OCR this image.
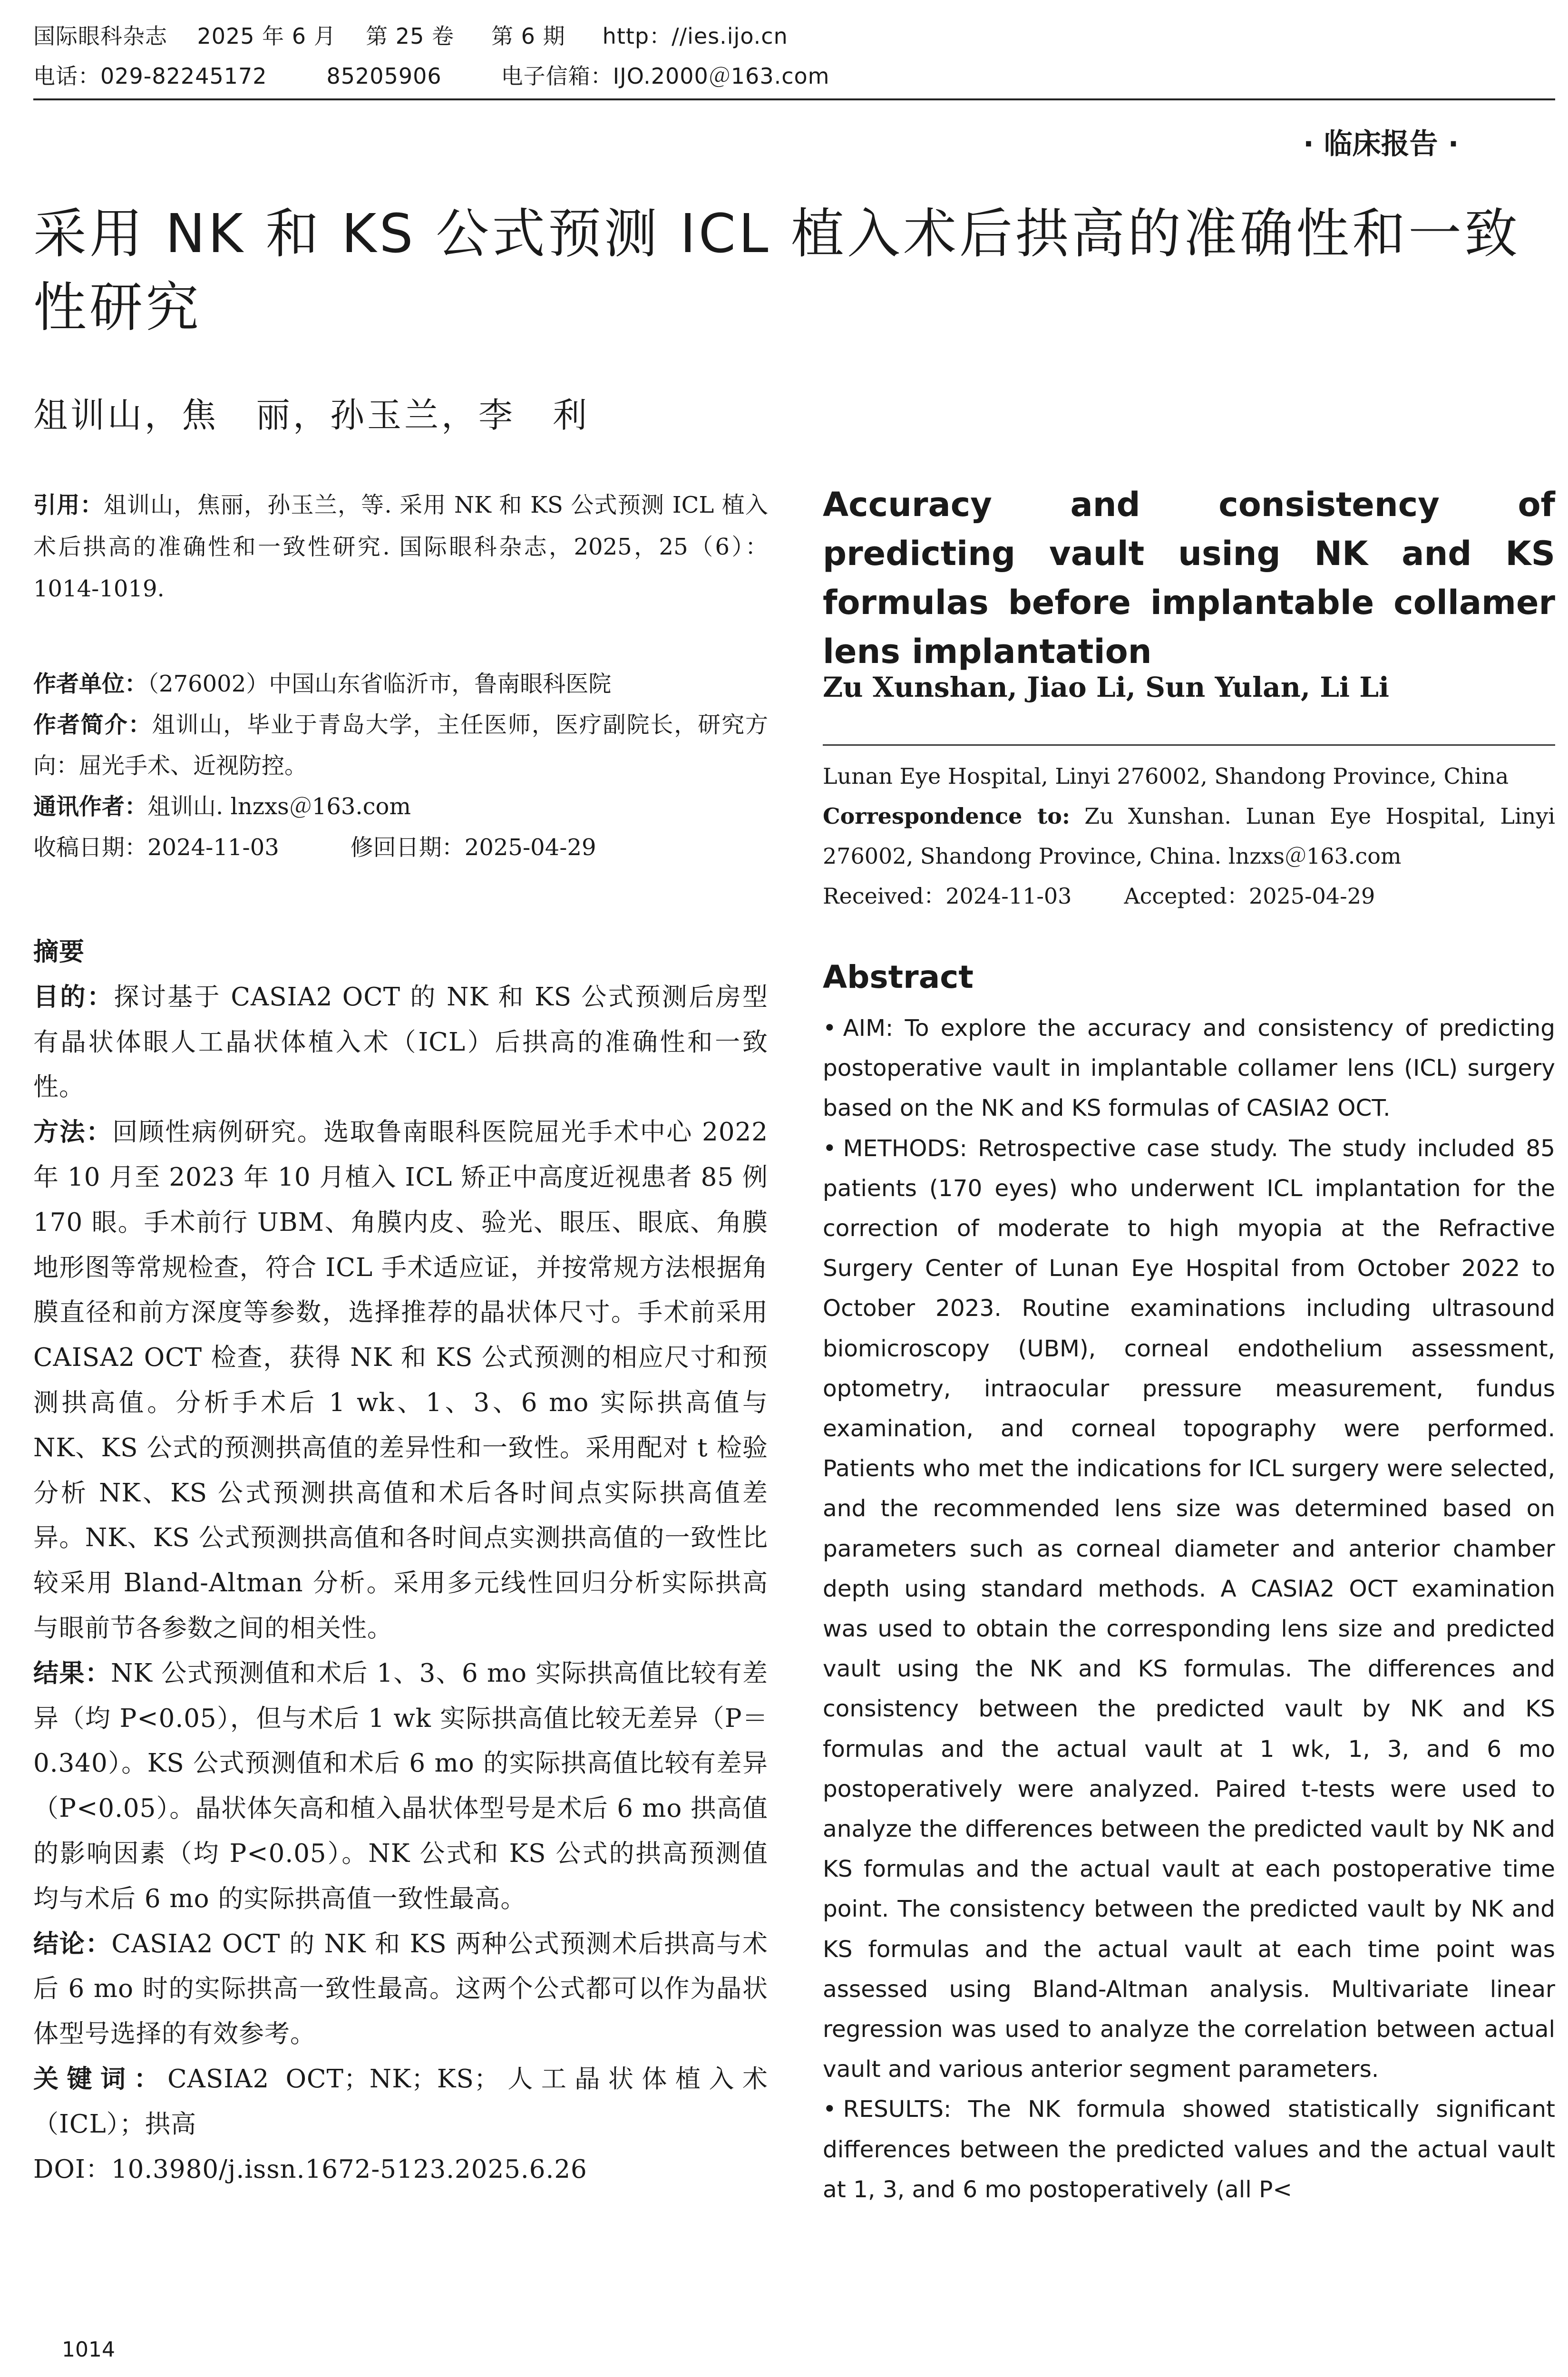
国际眼科杂志    2025 年 6 月    第 25 卷     第 6 期     http：//ies.ijo.cn
电话：029-82245172        85205906        电子信箱：IJO.2000＠163.com
· 临床报告 ·
采用 NK 和 KS 公式预测 ICL 植入术后拱高的准确性和一致性研究
俎训山，焦　丽，孙玉兰，李　利
引用：俎训山，焦丽，孙玉兰，等. 采用 NK 和 KS 公式预测 ICL 植入术后拱高的准确性和一致性研究. 国际眼科杂志，2025，25（6）：1014-1019.
作者单位：（276002）中国山东省临沂市，鲁南眼科医院
作者简介：俎训山，毕业于青岛大学，主任医师，医疗副院长，研究方向：屈光手术、近视防控。
通讯作者：俎训山. lnzxs＠163.com
收稿日期：2024-11-03	修回日期：2025-04-29

摘要

目的：探讨基于 CASIA2 OCT 的 NK 和 KS 公式预测后房型有晶状体眼人工晶状体植入术（ICL）后拱高的准确性和一致性。

方法：回顾性病例研究。选取鲁南眼科医院屈光手术中心 2022 年 10 月至 2023 年 10 月植入 ICL 矫正中高度近视患者 85 例 170 眼。手术前行 UBM、角膜内皮、验光、眼压、眼底、角膜地形图等常规检查，符合 ICL 手术适应证，并按常规方法根据角膜直径和前方深度等参数，选择推荐的晶状体尺寸。手术前采用 CAISA2 OCT 检查，获得 NK 和 KS 公式预测的相应尺寸和预测拱高值。分析手术后 1 wk、1、3、6 mo 实际拱高值与 NK、KS 公式的预测拱高值的差异性和一致性。采用配对 t 检验分析 NK、KS 公式预测拱高值和术后各时间点实际拱高值差异。NK、KS 公式预测拱高值和各时间点实测拱高值的一致性比较采用 Bland-Altman 分析。采用多元线性回归分析实际拱高与眼前节各参数之间的相关性。

结果：NK 公式预测值和术后 1、3、6 mo 实际拱高值比较有差异（均 P<0.05），但与术后 1 wk 实际拱高值比较无差异（P＝0.340）。KS 公式预测值和术后 6 mo 的实际拱高值比较有差异（P<0.05）。晶状体矢高和植入晶状体型号是术后 6 mo 拱高值的影响因素（均 P<0.05）。NK 公式和 KS 公式的拱高预测值均与术后 6 mo 的实际拱高值一致性最高。

结论：CASIA2 OCT 的 NK 和 KS 两种公式预测术后拱高与术后 6 mo 时的实际拱高一致性最高。这两个公式都可以作为晶状体型号选择的有效参考。

关键词：CASIA2 OCT；NK；KS；人工晶状体植入术（ICL）；拱高

DOI：10.3980/j.issn.1672-5123.2025.6.26

1014
Accuracy and consistency of predicting vault using NK and KS formulas before implantable collamer lens implantation
Zu Xunshan, Jiao Li, Sun Yulan, Li Li
Lunan Eye Hospital, Linyi 276002, Shandong Province, China
Correspondence to: Zu Xunshan. Lunan Eye Hospital, Linyi 276002, Shandong Province, China. lnzxs＠163.com
Received：2024-11-03 Accepted：2025-04-29
Abstract

• AIM: To explore the accuracy and consistency of predicting postoperative vault in implantable collamer lens (ICL) surgery based on the NK and KS formulas of CASIA2 OCT.

• METHODS: Retrospective case study. The study included 85 patients (170 eyes) who underwent ICL implantation for the correction of moderate to high myopia at the Refractive Surgery Center of Lunan Eye Hospital from October 2022 to October 2023. Routine examinations including ultrasound biomicroscopy (UBM), corneal endothelium assessment, optometry, intraocular pressure measurement, fundus examination, and corneal topography were performed. Patients who met the indications for ICL surgery were selected, and the recommended lens size was determined based on parameters such as corneal diameter and anterior chamber depth using standard methods. A CASIA2 OCT examination was used to obtain the corresponding lens size and predicted vault using the NK and KS formulas. The differences and consistency between the predicted vault by NK and KS formulas and the actual vault at 1 wk, 1, 3, and 6 mo postoperatively were analyzed. Paired t-tests were used to analyze the differences between the predicted vault by NK and KS formulas and the actual vault at each postoperative time point. The consistency between the predicted vault by NK and KS formulas and the actual vault at each time point was assessed using Bland-Altman analysis. Multivariate linear regression was used to analyze the correlation between actual vault and various anterior segment parameters.

• RESULTS: The NK formula showed statistically significant differences between the predicted values and the actual vault at 1, 3, and 6 mo postoperatively (all P<
